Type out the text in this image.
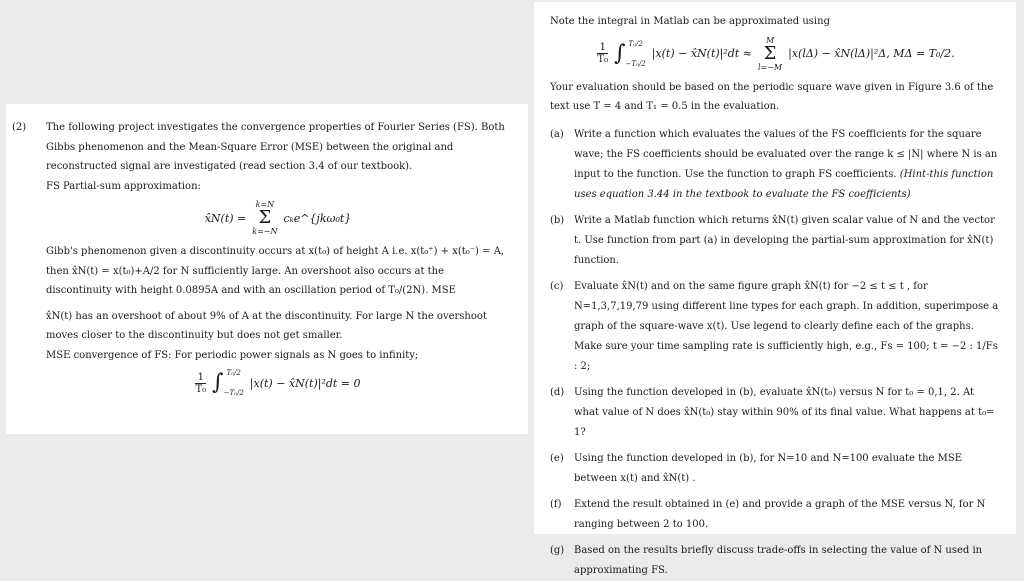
(2) The following project investigates the convergence properties of Fourier Series (FS). Both Gibbs phenomenon and the Mean-Square Error (MSE) between the original and reconstructed signal are investigated (read section 3.4 of our textbook).

FS Partial-sum approximation:

x̂N(t) =
k=N
Σ
k=−N
cₖe^{jkω₀t}

Gibb's phenomenon given a discontinuity occurs at x(t₀) of height A i.e. x(t₀⁺) + x(t₀⁻) = A, then x̂N(t) = x(t₀)+A/2 for N sufficiently large. An overshoot also occurs at the discontinuity with height 0.0895A and with an oscillation period of T₀/(2N). MSE

x̂N(t) has an overshoot of about 9% of A at the discontinuity. For large N the overshoot moves closer to the discontinuity but does not get smaller.

MSE convergence of FS: For periodic power signals as N goes to infinity;

$\frac{1}{\text{T₀}}$ ∫ T₀/2
−T₀/2
|x(t) − x̂N(t)|²dt = 0

Note the integral in Matlab can be approximated using

$\frac{1}{\text{T₀}}$ ∫ T₀/2
−T₀/2
|x(t) − x̂N(t)|²dt ≈
M
Σ
l=−M
|x(lΔ) − x̂N(lΔ)|²Δ, MΔ = T₀/2.

Your evaluation should be based on the periodic square wave given in Figure 3.6 of the text use T = 4 and T₁ = 0.5 in the evaluation.

(a) Write a function which evaluates the values of the FS coefficients for the square wave; the FS coefficients should be evaluated over the range k ≤ |N| where N is an input to the function. Use the function to graph FS coefficients. (Hint-this function uses equation 3.44 in the textbook to evaluate the FS coefficients)
(b) Write a Matlab function which returns x̂N(t) given scalar value of N and the vector t. Use function from part (a) in developing the partial-sum approximation for x̂N(t) function.
(c) Evaluate x̂N(t) and on the same figure graph x̂N(t) for −2 ≤ t ≤ t , for N=1,3,7,19,79 using different line types for each graph. In addition, superimpose a graph of the square-wave x(t). Use legend to clearly define each of the graphs. Make sure your time sampling rate is sufficiently high, e.g., Fs = 100; t = −2 : 1/Fs : 2;
(d) Using the function developed in (b), evaluate x̂N(t₀) versus N for t₀ = 0,1, 2. At what value of N does x̂N(t₀) stay within 90% of its final value. What happens at t₀= 1?
(e) Using the function developed in (b), for N=10 and N=100 evaluate the MSE between x(t) and x̂N(t) .
(f) Extend the result obtained in (e) and provide a graph of the MSE versus N, for N ranging between 2 to 100.
(g) Based on the results briefly discuss trade-offs in selecting the value of N used in approximating FS.
